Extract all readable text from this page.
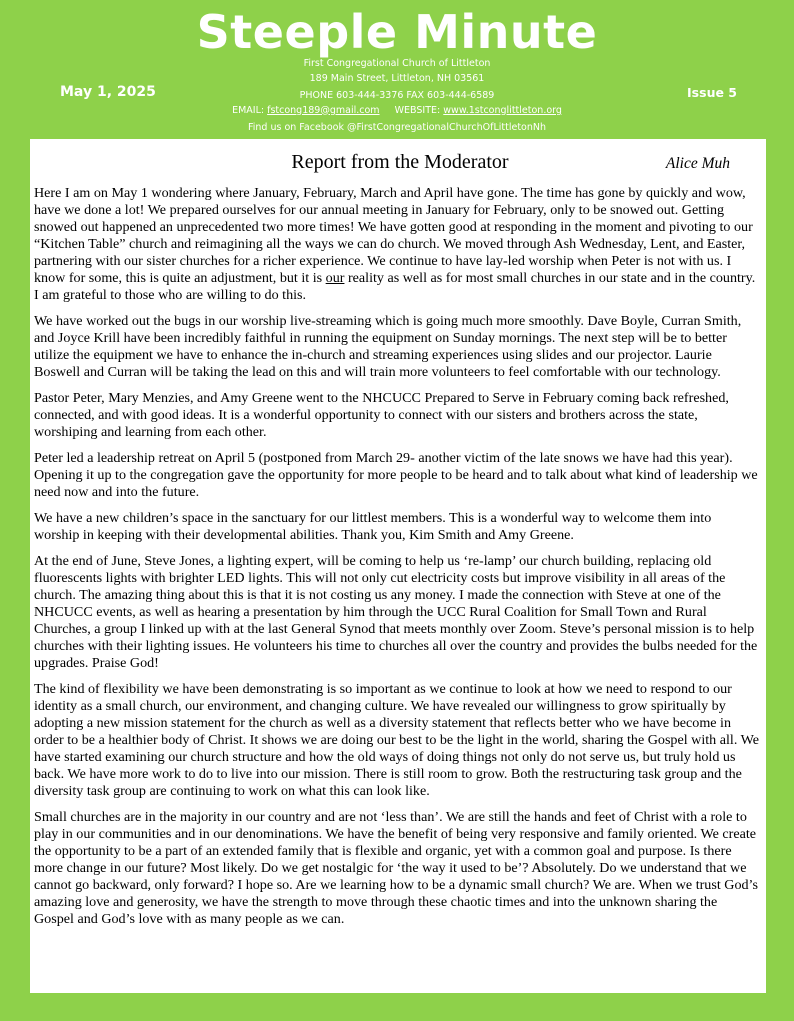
Steeple Minute
First Congregational Church of Littleton
189 Main Street, Littleton, NH 03561
PHONE 603-444-3376 FAX 603-444-6589
EMAIL: fstcong189@gmail.com WEBSITE: www.1stconglittleton.org
Find us on Facebook @FirstCongregationalChurchOfLittletonNh
May 1, 2025	Issue 5
Report from the Moderator	Alice Muh

Here I am on May 1 wondering where January, February, March and April have gone. The time has gone by quickly and wow, have we done a lot! We prepared ourselves for our annual meeting in January for February, only to be snowed out. Getting snowed out happened an unprecedented two more times! We have gotten good at responding in the moment and pivoting to our “Kitchen Table” church and reimagining all the ways we can do church. We moved through Ash Wednesday, Lent, and Easter, partnering with our sister churches for a richer experience. We continue to have lay-led worship when Peter is not with us. I know for some, this is quite an adjustment, but it is our reality as well as for most small churches in our state and in the country. I am grateful to those who are willing to do this.

We have worked out the bugs in our worship live-streaming which is going much more smoothly. Dave Boyle, Curran Smith, and Joyce Krill have been incredibly faithful in running the equipment on Sunday mornings. The next step will be to better utilize the equipment we have to enhance the in-church and streaming experiences using slides and our projector. Laurie Boswell and Curran will be taking the lead on this and will train more volunteers to feel comfortable with our technology.

Pastor Peter, Mary Menzies, and Amy Greene went to the NHCUCC Prepared to Serve in February coming back refreshed, connected, and with good ideas. It is a wonderful opportunity to connect with our sisters and brothers across the state, worshiping and learning from each other.

Peter led a leadership retreat on April 5 (postponed from March 29- another victim of the late snows we have had this year). Opening it up to the congregation gave the opportunity for more people to be heard and to talk about what kind of leadership we need now and into the future.

We have a new children’s space in the sanctuary for our littlest members. This is a wonderful way to welcome them into worship in keeping with their developmental abilities. Thank you, Kim Smith and Amy Greene.

At the end of June, Steve Jones, a lighting expert, will be coming to help us ‘re-lamp’ our church building, replacing old fluorescents lights with brighter LED lights. This will not only cut electricity costs but improve visibility in all areas of the church. The amazing thing about this is that it is not costing us any money. I made the connection with Steve at one of the NHCUCC events, as well as hearing a presentation by him through the UCC Rural Coalition for Small Town and Rural Churches, a group I linked up with at the last General Synod that meets monthly over Zoom. Steve’s personal mission is to help churches with their lighting issues. He volunteers his time to churches all over the country and provides the bulbs needed for the upgrades. Praise God!

The kind of flexibility we have been demonstrating is so important as we continue to look at how we need to respond to our identity as a small church, our environment, and changing culture. We have revealed our willingness to grow spiritually by adopting a new mission statement for the church as well as a diversity statement that reflects better who we have become in order to be a healthier body of Christ. It shows we are doing our best to be the light in the world, sharing the Gospel with all. We have started examining our church structure and how the old ways of doing things not only do not serve us, but truly hold us back. We have more work to do to live into our mission. There is still room to grow. Both the restructuring task group and the diversity task group are continuing to work on what this can look like.

Small churches are in the majority in our country and are not ‘less than’. We are still the hands and feet of Christ with a role to play in our communities and in our denominations. We have the benefit of being very responsive and family oriented. We create the opportunity to be a part of an extended family that is flexible and organic, yet with a common goal and purpose. Is there more change in our future? Most likely. Do we get nostalgic for ‘the way it used to be’? Absolutely. Do we understand that we cannot go backward, only forward? I hope so. Are we learning how to be a dynamic small church? We are. When we trust God’s amazing love and generosity, we have the strength to move through these chaotic times and into the unknown sharing the Gospel and God’s love with as many people as we can.
